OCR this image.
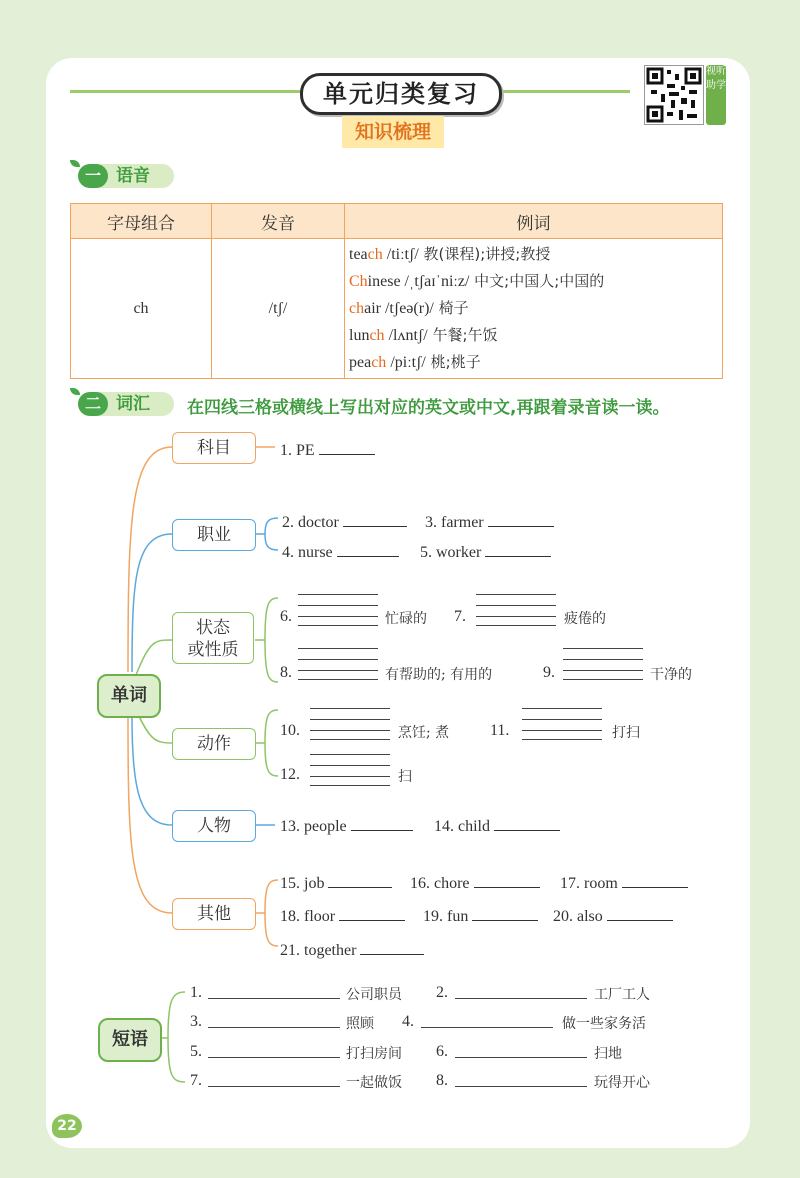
单元归类复习
知识梳理
视听助学
一 语音
字母组合	发音	例词
ch	/tʃ/	teach /tiːtʃ/ 教(课程);讲授;教授
Chinese /ˌtʃaɪˈniːz/ 中文;中国人;中国的
chair /tʃeə(r)/ 椅子
lunch /lʌntʃ/ 午餐;午饭
peach /piːtʃ/ 桃;桃子
二 词汇 在四线三格或横线上写出对应的英文或中文,再跟着录音读一读。
单词
科目
职业
状态
或性质
动作
人物
其他
1. PE
2. doctor	3. farmer
4. nurse	5. worker
6.	忙碌的 7.	疲倦的
8.	有帮助的; 有用的	9.	干净的
10.	烹饪; 煮	11.	打扫
12.	扫
13. people	14. child
15. job	16. chore	17. room
18. floor	19. fun	20. also
21. together
短语
1.	公司职员 2.	工厂工人
3.	照顾 4.	做一些家务活
5.	打扫房间 6.	扫地
7.	一起做饭 8.	玩得开心
22
